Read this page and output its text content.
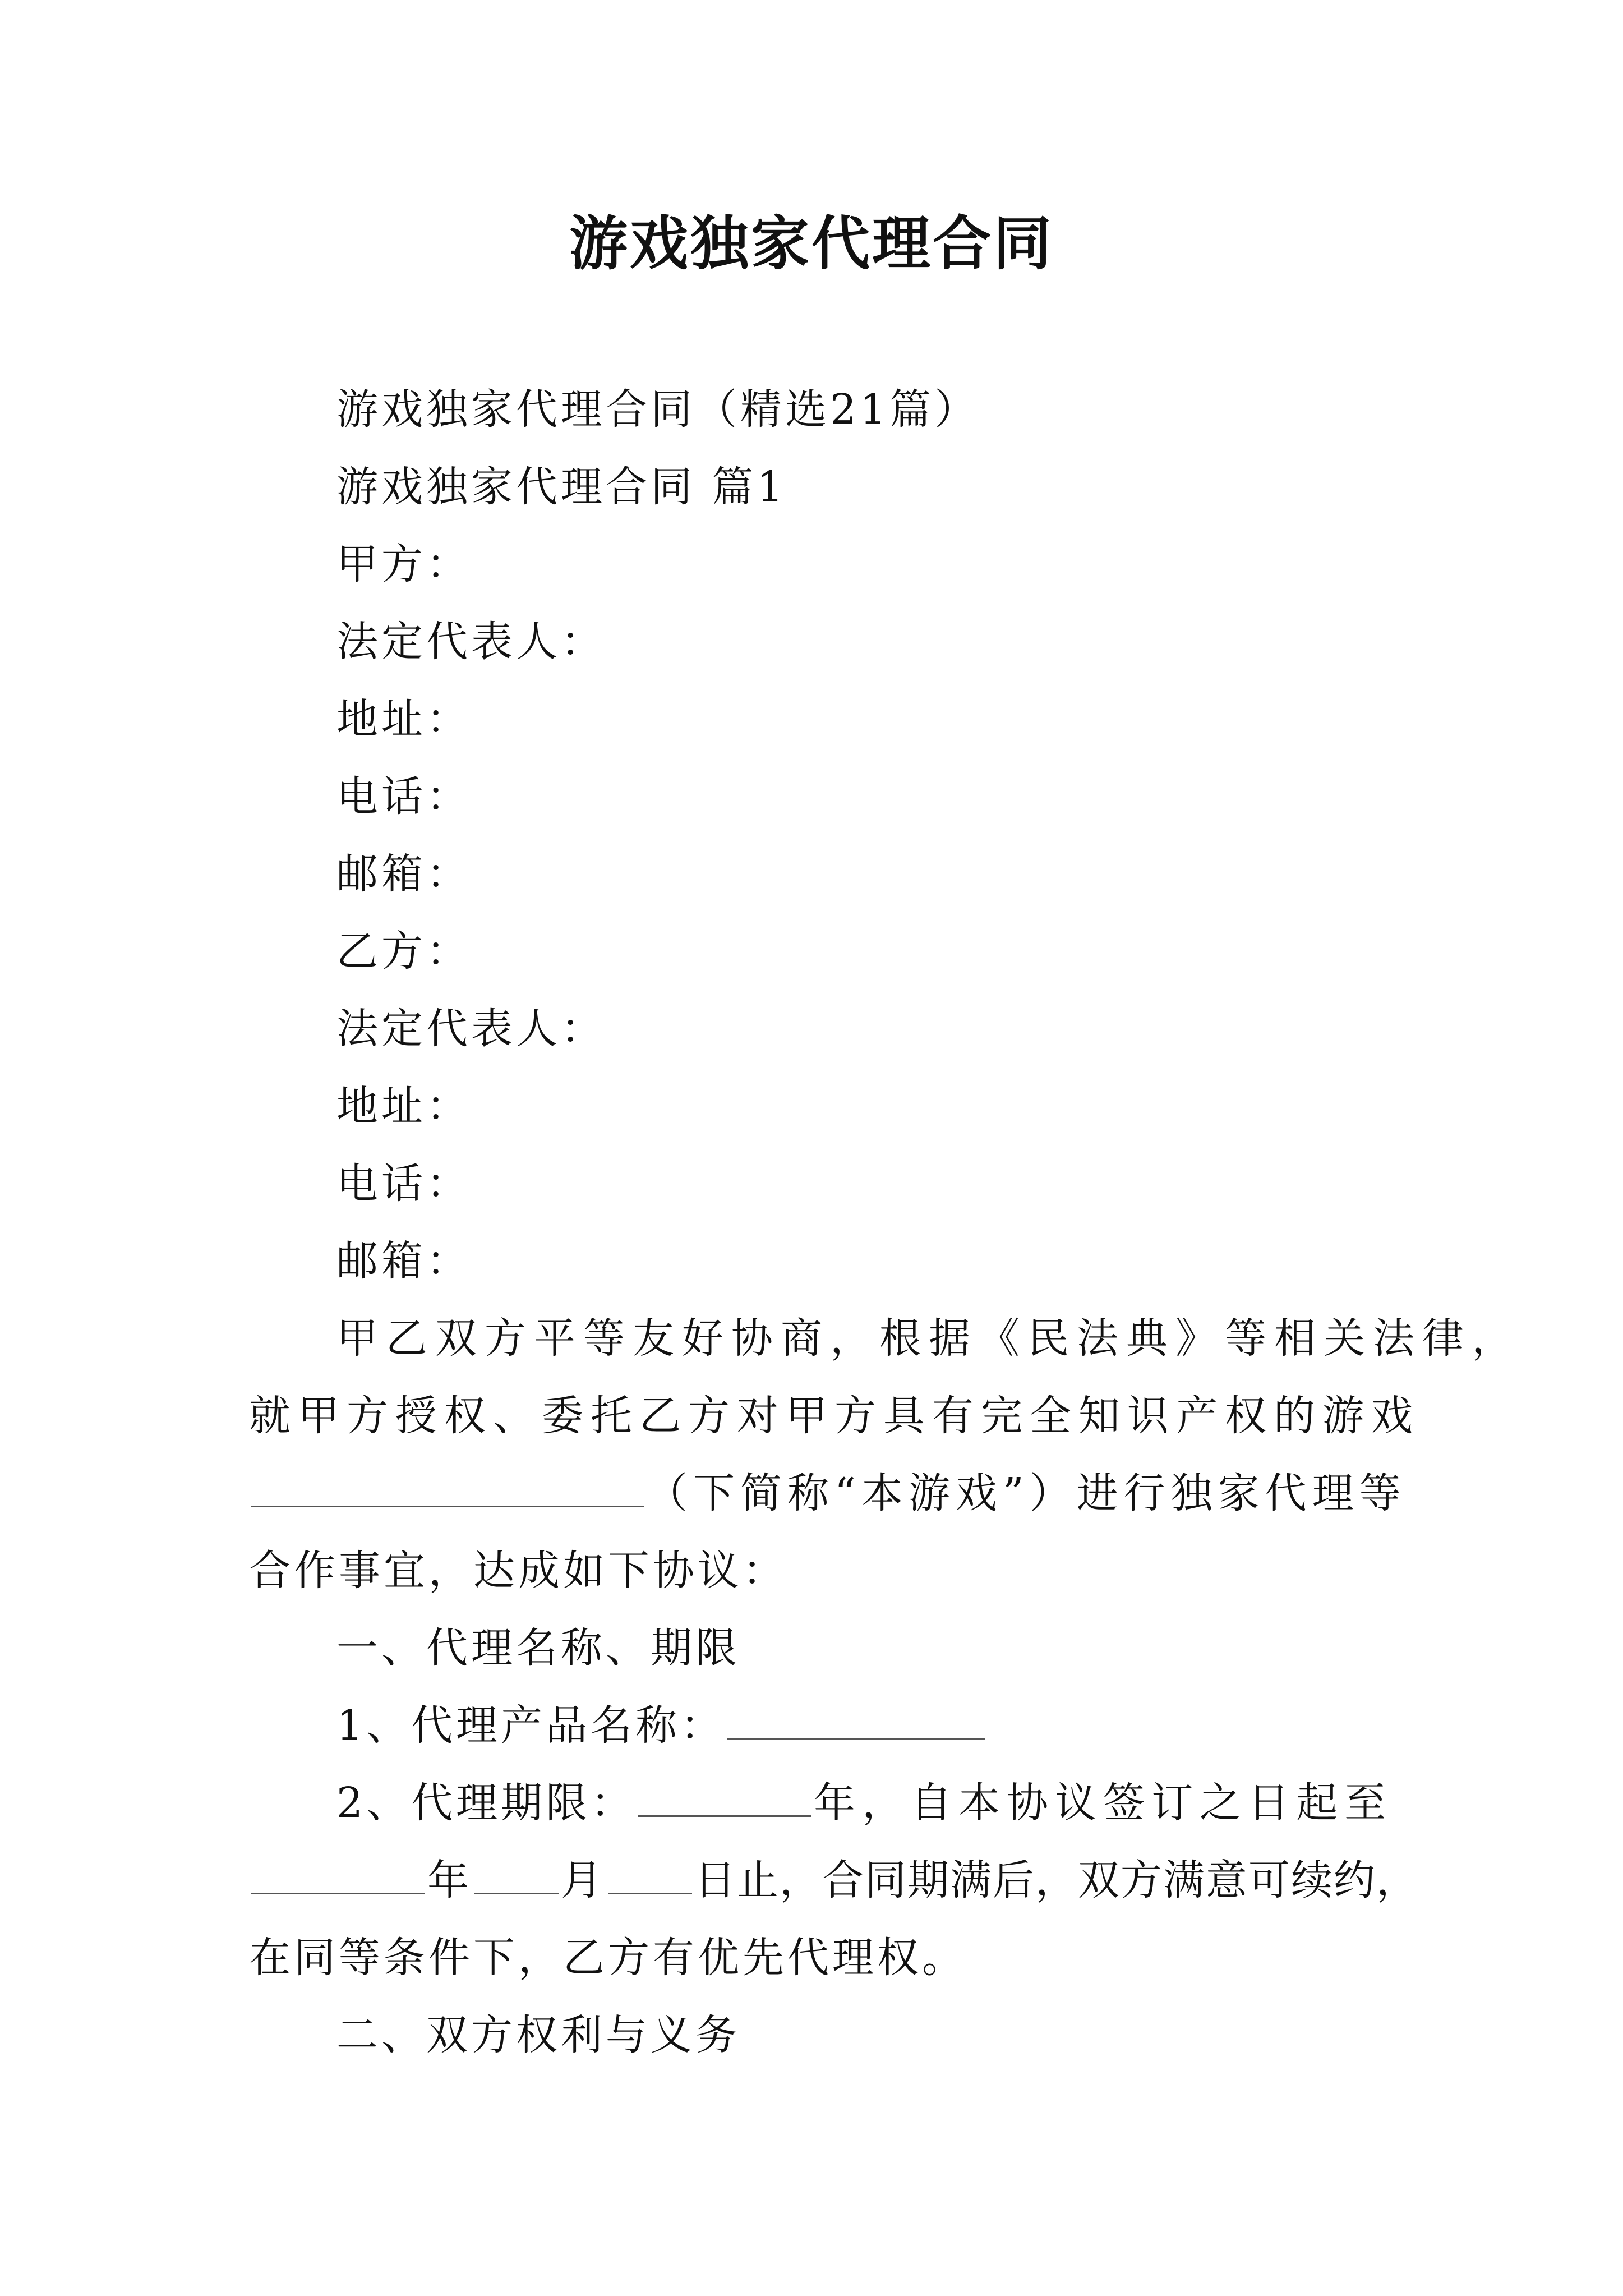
游戏独家代理合同
游戏独家代理合同（精选21篇）
游戏独家代理合同 篇1
甲方：
法定代表人：
地址：
电话：
邮箱：
乙方：
法定代表人：
地址：
电话：
邮箱：
甲乙双方平等友好协商，根据《民法典》等相关法律，
就甲方授权、委托乙方对甲方具有完全知识产权的游戏
（下简称“本游戏”）进行独家代理等
合作事宜，达成如下协议：
一、代理名称、期限
1、代理产品名称：
2、代理期限：	年，自本协议签订之日起至
年 月 日止，合同期满后，双方满意可续约，
在同等条件下，乙方有优先代理权。
二、双方权利与义务
